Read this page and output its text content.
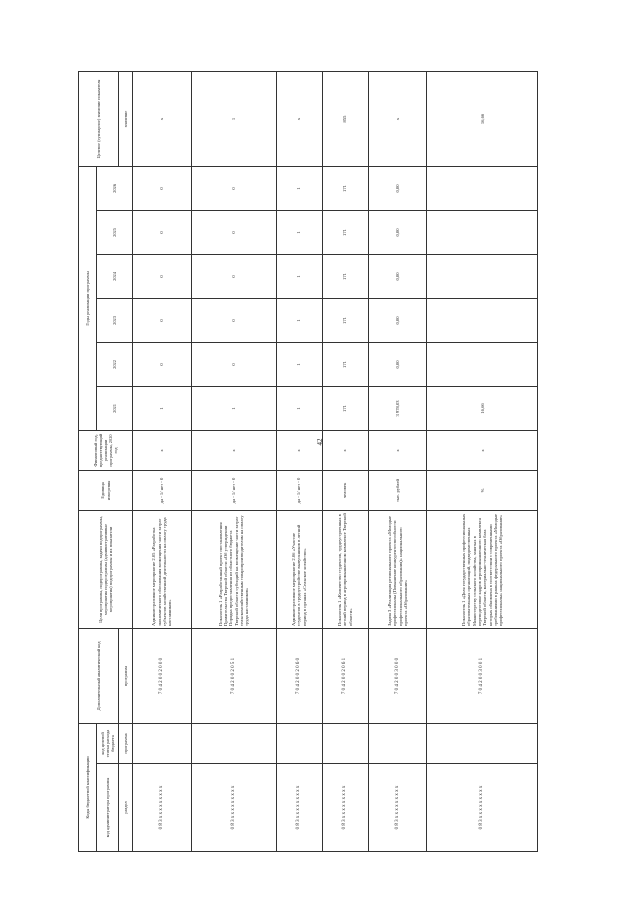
42
Коды бюджетной классификации		Дополнительный аналитический код	Цели программы, подпрограммы, задачи подпрограммы, мероприятия подпрограммы (административные мероприятия) подпрограммы и их показатели	Единица измерения	Финансовый год, предшествующий реализации программы, 2020 год	Годы реализации программы						Целевое (суммарное) значение показателя
код администратора программы	код целевой статьи расхода бюджета					2021	2022	2023	2024	2025	2026	
раздел	программа	программа										значение
0 8 3 x x x x x x x x x		7 0 4 2 0 0 2 0 0 0	Административное мероприятие 2.05 «Разработка экономического обоснования возмещения части затрат субъектов хозяйственной деятельности на оплату труда наставников»	да - 1/ нет - 0	x	1	0	0	0	0	0	x
0 8 3 x x x x x x x x x		7 0 4 2 0 0 2 0 5 1	Показатель 1 «Разработанный проект постановления Правительства Тверской области «Об утверждении Порядка предоставления из областного бюджета Тверской области субсидий на возмещение части затрат сельскохозяйственным товаропроизводителям на оплату труда наставников»	да - 1/ нет - 0	x	1	0	0	0	0	0	1
0 8 3 x x x x x x x x x		7 0 4 2 0 0 2 0 6 0	Административное мероприятие 2.06 «Участие студентов в трудоустройстве выпускников в летний период в органах «Сельское хозяйство»	да - 1/ нет - 0	x	1	1	1	1	1	1	x
0 8 3 x x x x x x x x x		7 0 4 2 0 0 2 0 6 1	Показатель 1 «Количество студентов, трудоустроенных в летний период в агропромышленном комплексе Тверской области»	человек	x	171	171	171	171	171	171	855
0 8 3 x x x x x x x x x		7 0 4 2 0 0 3 0 0 0	Задача 3 «Реализация регионального проекта «Молодые профессионалы (Повышение конкурентоспособности профессионального образования)» национального проекта «Образование»	тыс. рублей	x	3 978,03	0,00	0,00	0,00	0,00	0,00	x
0 8 3 x x x x x x x x x		7 0 4 2 0 0 3 0 0 1	Показатель 1 «Доля государственных профессиональных образовательных организаций, подведомственных Министерству сельского хозяйства, занятых в переподготовке кадров агропромышленного комплекса Тверской области, материально-техническая база которых обновлена в соответствии с современными требованиями в рамках федерального проекта «Молодые профессионалы» национального проекта «Образование»	%	x	16,66						16,66
